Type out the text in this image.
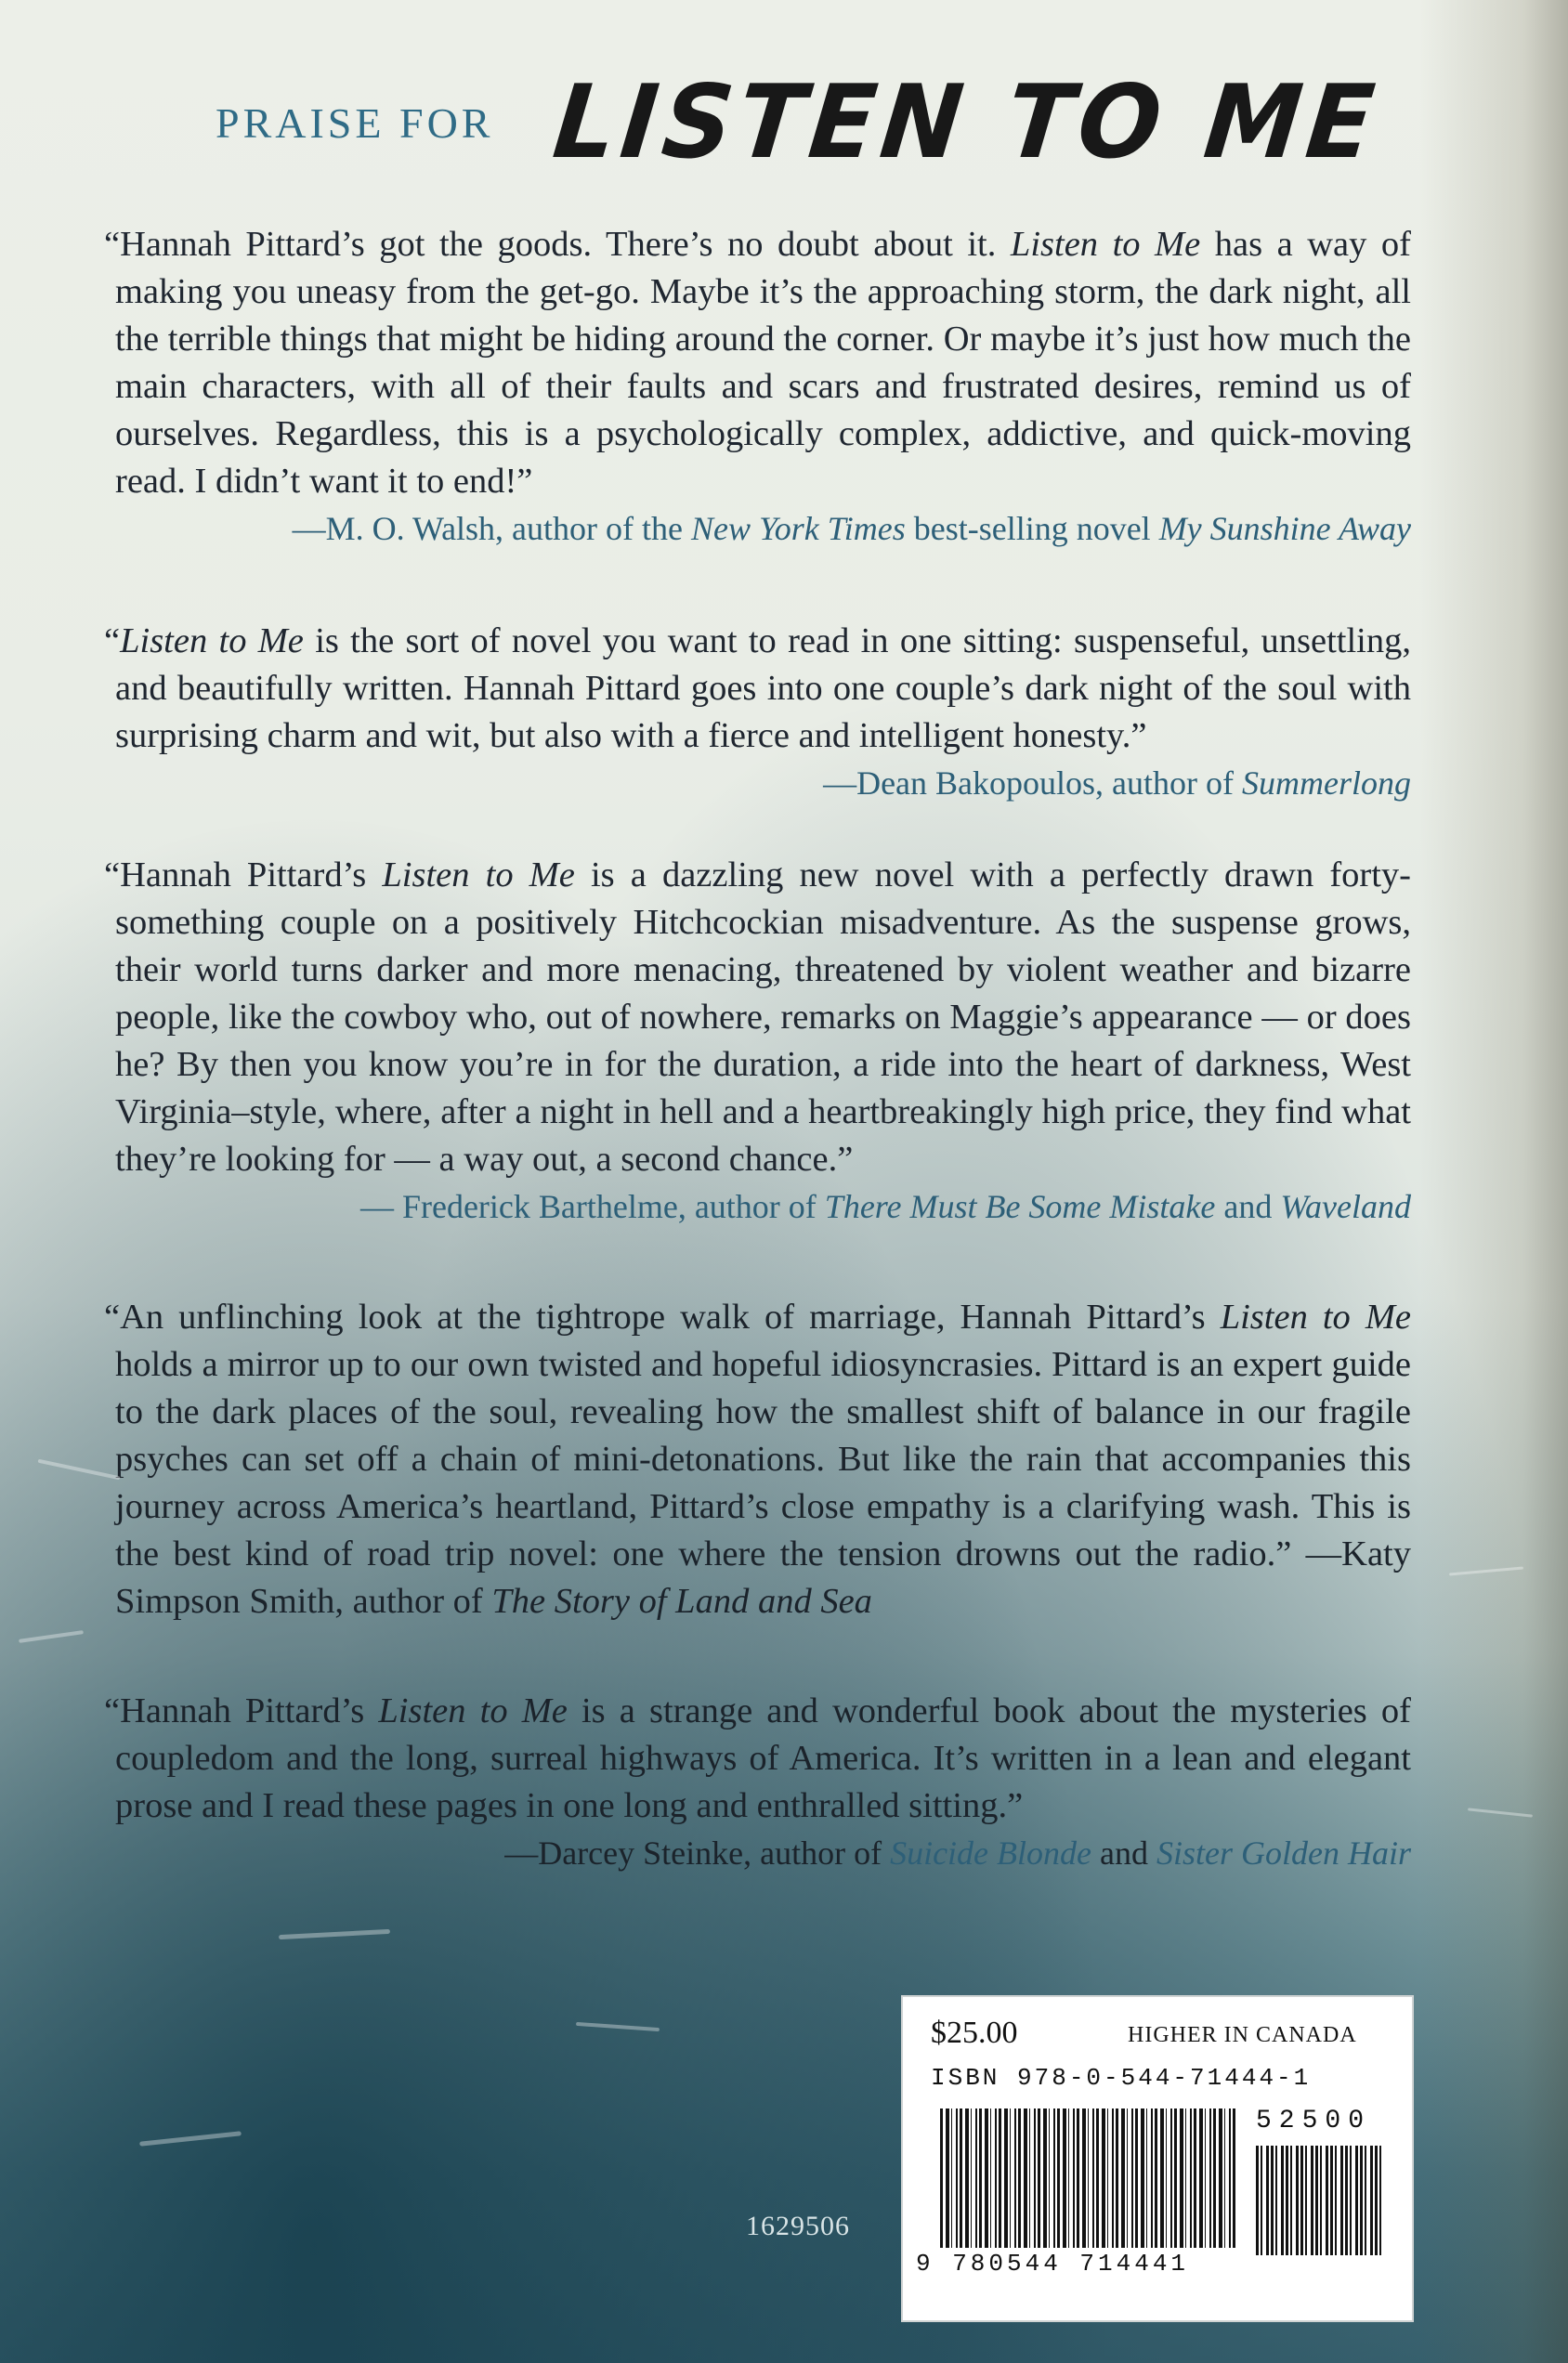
PRAISE FOR LISTEN TO ME

“Hannah Pittard’s got the goods. There’s no doubt about it. Listen to Me has a way of making you uneasy from the get-go. Maybe it’s the approaching storm, the dark night, all the terrible things that might be hiding around the corner. Or maybe it’s just how much the main characters, with all of their faults and scars and frustrated desires, remind us of ourselves. Regardless, this is a psychologically complex, addictive, and quick-moving read. I didn’t want it to end!”

—M. O. Walsh, author of the New York Times best-selling novel My Sunshine Away

“Listen to Me is the sort of novel you want to read in one sitting: suspenseful, unsettling, and beautifully written. Hannah Pittard goes into one couple’s dark night of the soul with surprising charm and wit, but also with a fierce and intelligent honesty.”

—Dean Bakopoulos, author of Summerlong

“Hannah Pittard’s Listen to Me is a dazzling new novel with a perfectly drawn forty-something couple on a positively Hitchcockian misadventure. As the suspense grows, their world turns darker and more menacing, threatened by violent weather and bizarre people, like the cowboy who, out of nowhere, remarks on Maggie’s appearance — or does he? By then you know you’re in for the duration, a ride into the heart of darkness, West Virginia–style, where, after a night in hell and a heartbreakingly high price, they find what they’re looking for — a way out, a second chance.”

— Frederick Barthelme, author of There Must Be Some Mistake and Waveland

“An unflinching look at the tightrope walk of marriage, Hannah Pittard’s Listen to Me holds a mirror up to our own twisted and hopeful idiosyncrasies. Pittard is an expert guide to the dark places of the soul, revealing how the smallest shift of balance in our fragile psyches can set off a chain of mini-detonations. But like the rain that accompanies this journey across America’s heartland, Pittard’s close empathy is a clarifying wash. This is the best kind of road trip novel: one where the tension drowns out the radio.” —Katy Simpson Smith, author of The Story of Land and Sea

“Hannah Pittard’s Listen to Me is a strange and wonderful book about the mysteries of coupledom and the long, surreal highways of America. It’s written in a lean and elegant prose and I read these pages in one long and enthralled sitting.”

—Darcey Steinke, author of Suicide Blonde and Sister Golden Hair

1629506
$25.00	HIGHER IN CANADA
ISBN 978-0-544-71444-1
52500
9 780544 714441
